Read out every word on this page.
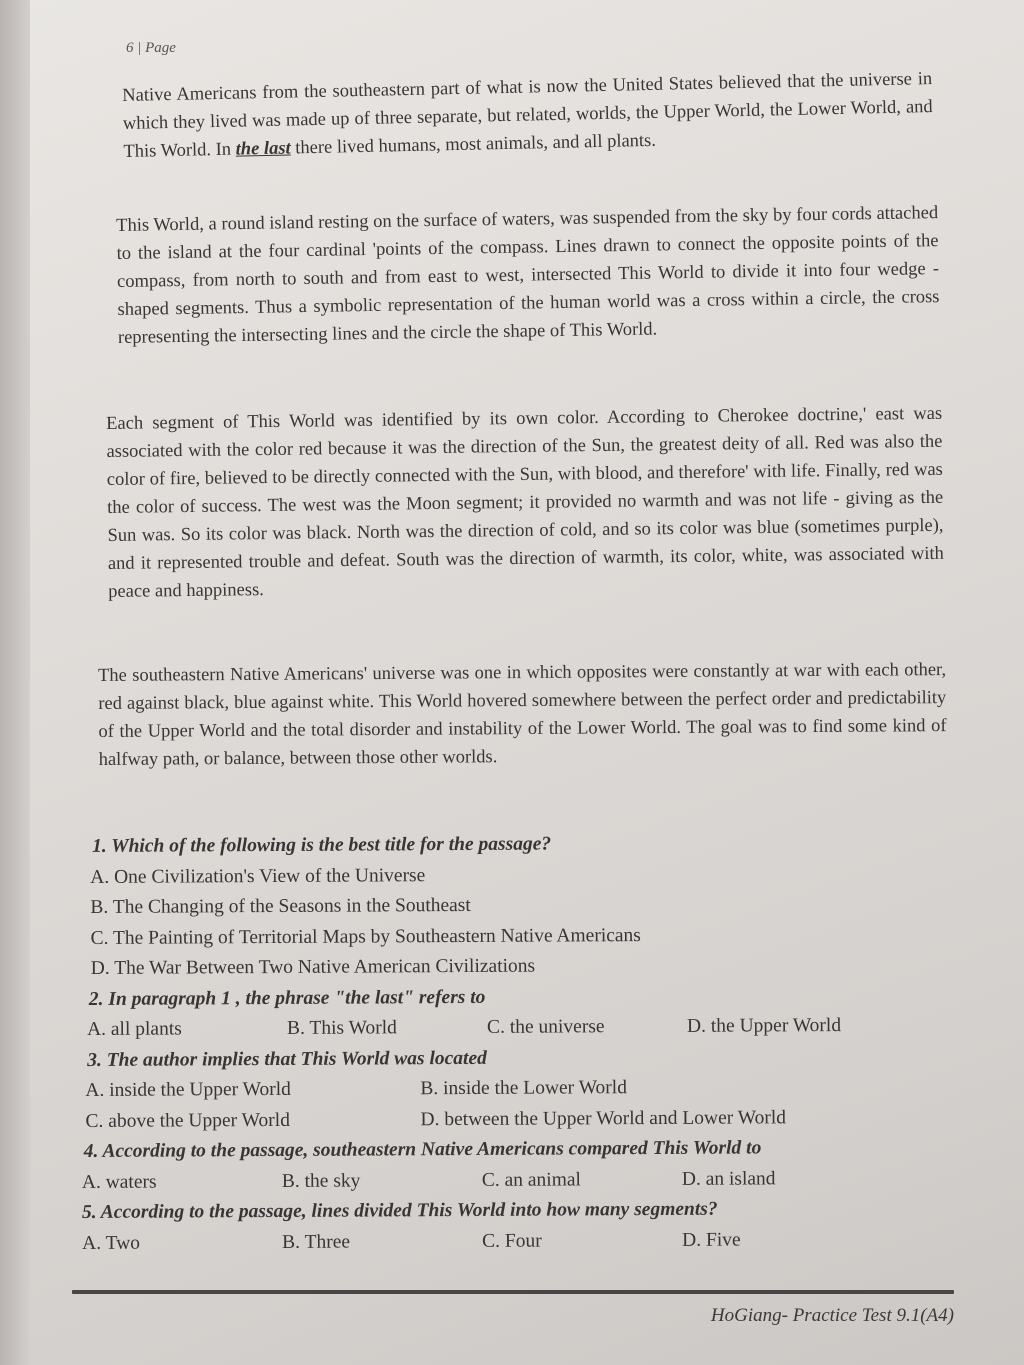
6 | Page

Native Americans from the southeastern part of what is now the United States believed that the universe in which they lived was made up of three separate, but related, worlds, the Upper World, the Lower World, and This World. In the last there lived humans, most animals, and all plants.

This World, a round island resting on the surface of waters, was suspended from the sky by four cords attached to the island at the four cardinal 'points of the compass. Lines drawn to connect the opposite points of the compass, from north to south and from east to west, intersected This World to divide it into four wedge - shaped segments. Thus a symbolic representation of the human world was a cross within a circle, the cross representing the intersecting lines and the circle the shape of This World.

Each segment of This World was identified by its own color. According to Cherokee doctrine,' east was associated with the color red because it was the direction of the Sun, the greatest deity of all. Red was also the color of fire, believed to be directly connected with the Sun, with blood, and therefore' with life. Finally, red was the color of success. The west was the Moon segment; it provided no warmth and was not life - giving as the Sun was. So its color was black. North was the direction of cold, and so its color was blue (sometimes purple), and it represented trouble and defeat. South was the direction of warmth, its color, white, was associated with peace and happiness.

The southeastern Native Americans' universe was one in which opposites were constantly at war with each other, red against black, blue against white. This World hovered somewhere between the perfect order and predictability of the Upper World and the total disorder and instability of the Lower World. The goal was to find some kind of halfway path, or balance, between those other worlds.

1. Which of the following is the best title for the passage?
A. One Civilization's View of the Universe
B. The Changing of the Seasons in the Southeast
C. The Painting of Territorial Maps by Southeastern Native Americans
D. The War Between Two Native American Civilizations
2. In paragraph 1 , the phrase "the last" refers to
A. all plants	B. This World	C. the universe	D. the Upper World
3. The author implies that This World was located
A. inside the Upper World	B. inside the Lower World
C. above the Upper World	D. between the Upper World and Lower World
4. According to the passage, southeastern Native Americans compared This World to
A. waters	B. the sky	C. an animal	D. an island
5. According to the passage, lines divided This World into how many segments?
A. Two	B. Three	C. Four	D. Five
HoGiang- Practice Test 9.1(A4)
